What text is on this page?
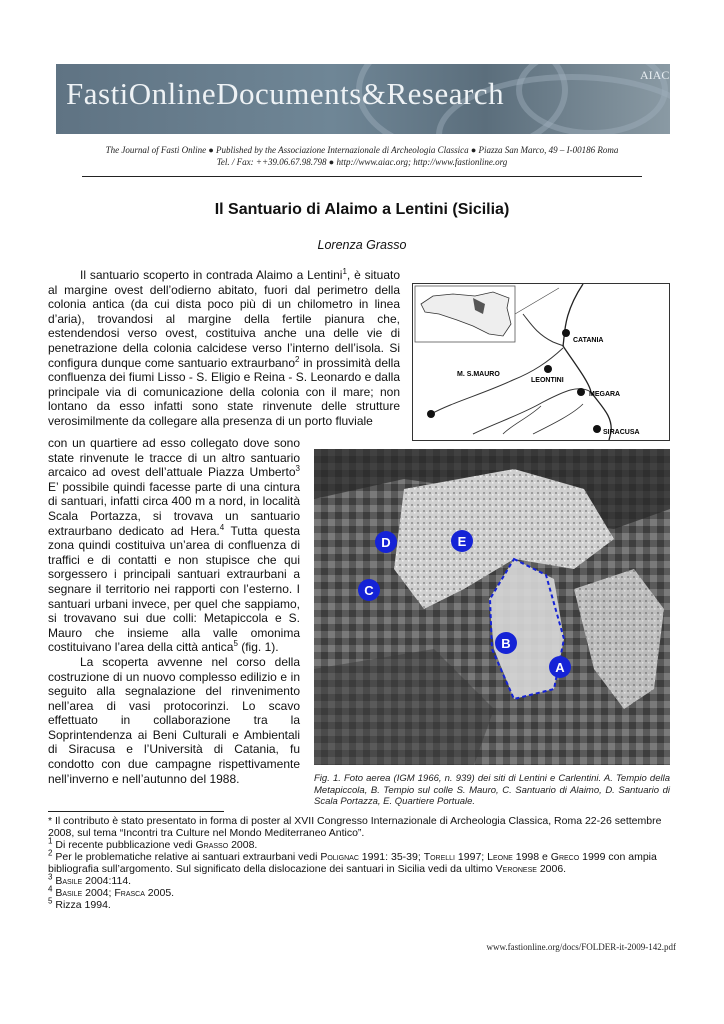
FastiOnlineDocuments&Research
AIAC
The Journal of Fasti Online ● Published by the Associazione Internazionale di Archeologia Classica ● Piazza San Marco, 49 – I-00186 Roma
Tel. / Fax: ++39.06.67.98.798 ● http://www.aiac.org; http://www.fastionline.org
Il Santuario di Alaimo a Lentini (Sicilia)
Lorenza Grasso

Il santuario scoperto in contrada Alaimo a Lentini$^1$, è situato al margine ovest dell’odierno abitato, fuori dal perimetro della colonia antica (da cui dista poco più di un chilometro in linea d’aria), trovandosi al margine della fertile pianura che, estendendosi verso ovest, costituiva anche una delle vie di penetrazione della colonia calcidese verso l’interno dell’isola. Si configura dunque come santuario extraurbano$^2$ in prossimità della confluenza dei fiumi Lisso - S. Eligio e Reina - S. Leonardo e dalla principale via di comunicazione della colonia con il mare; non lontano da esso infatti sono state rinvenute delle strutture verosimilmente da collegare alla presenza di un porto fluviale

con un quartiere ad esso collegato dove sono state rinvenute le tracce di un altro santuario arcaico ad ovest dell’attuale Piazza Umberto$^3$ E’ possibile quindi facesse parte di una cintura di santuari, infatti circa 400 m a nord, in località Scala Portazza, si trovava un santuario extraurbano dedicato ad Hera.$^4$ Tutta questa zona quindi costituiva un’area di confluenza di traffici e di contatti e non stupisce che qui sorgessero i principali santuari extraurbani a segnare il territorio nei rapporti con l’esterno. I santuari urbani invece, per quel che sappiamo, si trovavano sui due colli: Metapiccola e S. Mauro che insieme alla valle omonima costituivano l’area della città antica$^5$ (fig. 1).

La scoperta avvenne nel corso della costruzione di un nuovo complesso edilizio e in seguito alla segnalazione del rinvenimento nell’area di vasi protocorinzi. Lo scavo effettuato in collaborazione tra la Soprintendenza ai Beni Culturali e Ambientali di Siracusa e l’Università di Catania, fu condotto con due campagne rispettivamente nell’inverno e nell’autunno del 1988.

CATANIA
M. S.MAURO
LEONTINI
MEGARA
SIRACUSA
A
B
C
D	E
Fig. 1. Foto aerea (IGM 1966, n. 939) dei siti di Lentini e Carlentini. A. Tempio della Metapiccola, B. Tempio sul colle S. Mauro, C. Santuario di Alaimo, D. Santuario di Scala Portazza, E. Quartiere Portuale.
* Il contributo è stato presentato in forma di poster al XVII Congresso Internazionale di Archeologia Classica, Roma 22-26 settembre 2008, sul tema “Incontri tra Culture nel Mondo Mediterraneo Antico”.
$^1$ Di recente pubblicazione vedi Grasso 2008.
$^2$ Per le problematiche relative ai santuari extraurbani vedi Polignac 1991: 35-39; Torelli 1997; Leone 1998 e Greco 1999 con ampia bibliografia sull’argomento. Sul significato della dislocazione dei santuari in Sicilia vedi da ultimo Veronese 2006.
$^3$ Basile 2004:114.
$^4$ Basile 2004; Frasca 2005.
$^5$ Rizza 1994.
www.fastionline.org/docs/FOLDER-it-2009-142.pdf
